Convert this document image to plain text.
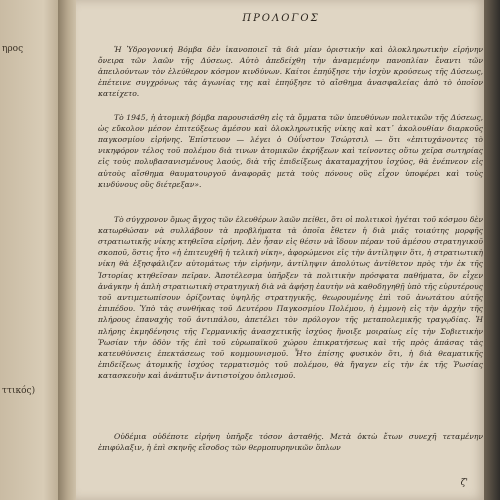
ηρος
ττικός)
ΠΡΟΛΟΓΟΣ

Ἡ Ὑδρογονική Βόμβα δὲν ἱκανοποιεῖ τὰ διὰ μίαν ὁριστικὴν καὶ ὁλοκληρωτικὴν εἰρήνην ὄνειρα τῶν λαῶν τῆς Δύσεως. Αὐτὸ ἀπεδείχθη τὴν ἀναμεμένην πανοπλίαν ἔναντι τῶν ἀπειλούντων τὸν ἐλεύθερον κόσμον κινδύνων. Καίτοι ἐπηύξησε τὴν ἰσχὺν κρούσεως τῆς Δύσεως, ἐπέτεινε συγχρόνως τὰς ἀγωνίας της καὶ ἐπηύξησε τὸ αἴσθημα ἀνασφαλείας ἀπὸ τὸ ὁποῖον κατείχετο.

Τὸ 1945, ἡ ἀτομικὴ βόμβα παρουσιάσθη εἰς τὰ ὄμματα τῶν ὑπευθύνων πολιτικῶν τῆς Δύσεως, ὡς εὔκολον μέσον ἐπιτεύξεως ἀμέσου καὶ ὁλοκληρωτικῆς νίκης καὶ κατ᾿ ἀκολουθίαν διαρκοῦς παγκοσμίου εἰρήνης. Ἐπίστευον — λέγει ὁ Οὐΐνστον Τσώρτσιλ — ὅτι «ἐπιτυχάνοντες τὸ νικηφόρον τέλος τοῦ πολέμου διὰ τινων ἀτομικῶν ἐκρήξεων καὶ τείνοντες οὕτω χεῖρα σωτηρίας εἰς τοὺς πολυβασανισμένους λαούς, διὰ τῆς ἐπιδείξεως ἀκαταμαχήτου ἰσχύος, θὰ ἐνέπνεον εἰς αὐτοὺς αἴσθημα θαυματουργοῦ ἀναφορᾶς μετὰ τοὺς πόνους οὓς εἶχον ὑποφέρει καὶ τοὺς κινδύνους οὓς διέτρεξαν».

Τὸ σύγχρονον ὅμως ἄγχος τῶν ἐλευθέρων λαῶν πείθει, ὅτι οἱ πολιτικοὶ ἡγέται τοῦ κόσμου δὲν κατωρθώσαν νὰ συλλάβουν τὰ προβλήματα τὰ ὁποῖα ἔθετεν ἡ διὰ μιᾶς τοιαύτης μορφῆς στρατιωτικῆς νίκης κτηθεῖσα εἰρήνη. Δὲν ἦσαν εἰς θέσιν νὰ ἴδουν πέραν τοῦ ἀμέσου στρατηγικοῦ σκοποῦ, ὅστις ἦτο «ἡ ἐπιτευχθῆ ἡ τελικὴ νίκη», ἀφορώμενοι εἰς τὴν ἀντίληψιν ὅτι, ἡ στρατιωτικὴ νίκη θὰ ἐξησφάλιζεν αὐτομάτως τὴν εἰρήνην, ἀντίληψιν ἀπολύτως ἀντίθετον πρὸς τὴν ἐκ τῆς Ἱστορίας κτηθεῖσαν πεῖραν. Ἀποτέλεσμα ὑπῆρξεν τὰ πολιτικὴν πρόσφατα παθήματα, ὅν εἶχεν ἀνάγκην ἡ ἁπλὴ στρατιωτικὴ στρατηγικὴ διὰ νὰ ἀφήσῃ ἑαυτὴν νὰ καθοδηγηθῇ ὑπὸ τῆς εὐρυτέρους τοῦ αντιμετωπίσουν ὁρίζοντας ὑψηλῆς στρατηγικῆς, θεωρουμένης ἐπὶ τοῦ ἀνωτάτου αὐτῆς ἐπιπέδου. Ὑπὸ τὰς συνθήκας τοῦ Δευτέρου Παγκοσμίου Πολέμου, ἡ ἐμμονὴ εἰς τὴν ἀρχὴν τῆς πλήρους ἐπαναχὴς τοῦ ἀντιπάλου, ἀπετέλει τὸν πρόλογον τῆς μεταπολεμικῆς τραγῳδίας. Ἡ πλήρης ἐκμηδένησις τῆς Γερμανικῆς ἀνασχετικῆς ἰσχύος ἤνοιξε μοιραίως εἰς τὴν Σοβιετικὴν Ῥωσίαν τὴν ὁδὸν τῆς ἐπὶ τοῦ εὐρωπαϊκοῦ χώρου ἐπικρατήσεως καὶ τῆς πρὸς ἁπάσας τὰς κατευθύνσεις ἐπεκτάσεως τοῦ κομμουνισμοῦ. Ἦτο ἐπίσης φυσικὸν ὅτι, ἡ διὰ θεαματικῆς ἐπιδείξεως ἀτομικῆς ἰσχύος τερματισμὸς τοῦ πολέμου, θὰ ἤγαγεν εἰς τὴν ἐκ τῆς Ῥωσίας κατασκευὴν καὶ ἀνάπτυξιν ἀντιστοίχου ὁπλισμοῦ.

Οὐδέμια οὐδέποτε εἰρήνη ὑπῆρξε τόσον ἀσταθής. Μετὰ ὀκτὼ ἔτων συνεχῆ τεταμένην ἐπιφύλαξιν, ἡ ἐπὶ σκηνῆς εἴσοδος τῶν θερμοπυρηνικῶν ὅπλων

ζ'
